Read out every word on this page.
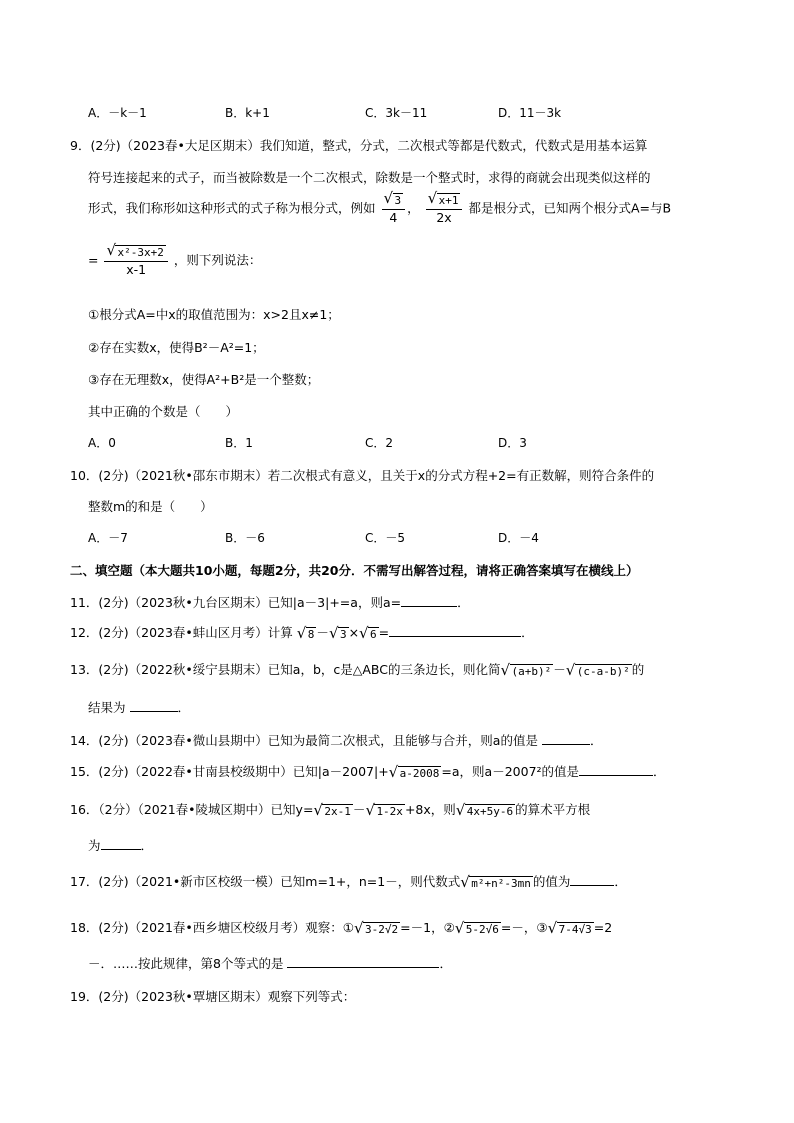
A．－k－1	B．k+1	C．3k－11	D．11－3k
9．(2分)（2023春•大足区期末）我们知道，整式，分式，二次根式等都是代数式，代数式是用基本运算
符号连接起来的式子，而当被除数是一个二次根式，除数是一个整式时，求得的商就会出现类似这样的
形式，我们称形如这种形式的式子称为根分式，例如 √ $\frac{3}{4}$ ， √ $\frac{x+1}{2x}$ 都是根分式，已知两个根分式A=与B
= √ $\frac{\text{x²-3x+2}}{x-1}$ ，则下列说法：
①根分式A=中x的取值范围为：x>2且x≠1；
②存在实数x，使得B²－A²=1；
③存在无理数x，使得A²+B²是一个整数；
其中正确的个数是（　　）
A．0	B．1	C．2	D．3
10．(2分)（2021秋•邵东市期末）若二次根式有意义，且关于x的分式方程+2=有正数解，则符合条件的
整数m的和是（　　）
A．－7	B．－6	C．－5	D．－4
二、填空题（本大题共10小题，每题2分，共20分．不需写出解答过程，请将正确答案填写在横线上）
11．(2分)（2023秋•九台区期末）已知|a－3|+=a，则a=	．
12．(2分)（2023春•蚌山区月考）计算 √ 8 － √ 3 × √ 6 =	．
13．(2分)（2022秋•绥宁县期末）已知a，b，c是△ABC的三条边长，则化简 √ (a+b)² － √ (c-a-b)² 的
结果为	．
14．(2分)（2023春•微山县期中）已知为最简二次根式，且能够与合并，则a的值是	．
15．(2分)（2022春•甘南县校级期中）已知|a－2007|+ √ a-2008 =a，则a－2007²的值是	．
16．（2分）（2021春•陵城区期中）已知y= √ 2x-1 － √ 1-2x +8x，则 √ 4x+5y-6 的算术平方根
为	．
17．(2分)（2021•新市区校级一模）已知m=1+，n=1－，则代数式 √ m²+n²-3mn 的值为	．
18．(2分)（2021春•西乡塘区校级月考）观察：① √ 3-2√2 =－1，② √ 5-2√6 =－，③ √ 7-4√3 =2
－．……按此规律，第8个等式的是	．
19．(2分)（2023秋•覃塘区期末）观察下列等式：
